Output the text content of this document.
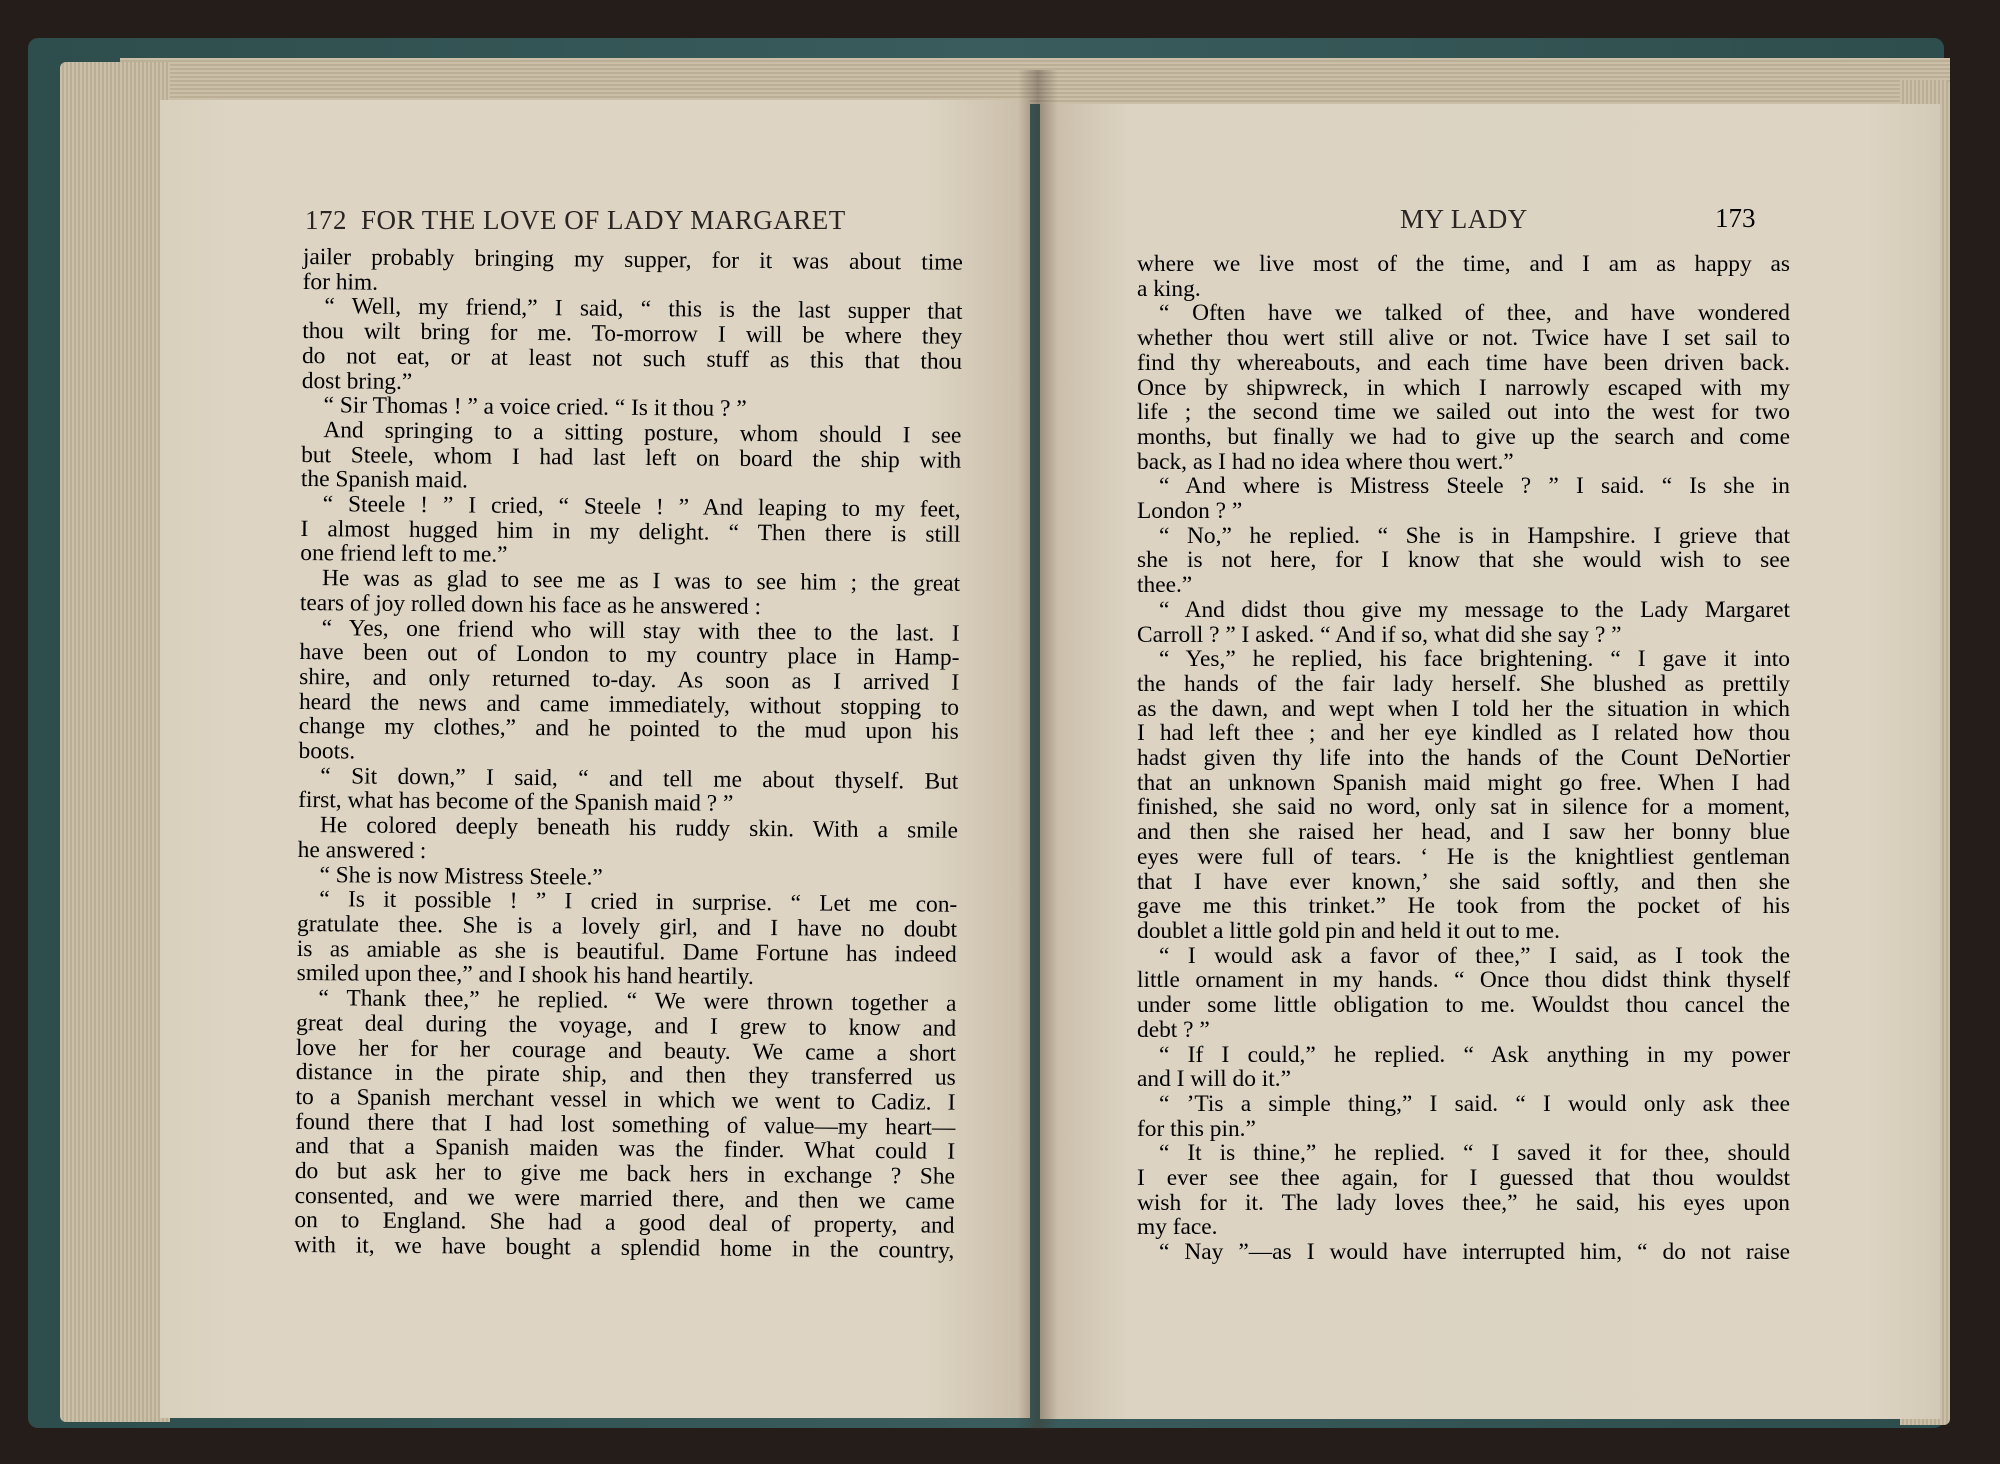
172 FOR THE LOVE OF LADY MARGARET	MY LADY	173

jailer probably bringing my supper, for it was about time

for him.

“ Well, my friend,” I said, “ this is the last supper that

thou wilt bring for me. To-morrow I will be where they

do not eat, or at least not such stuff as this that thou

dost bring.”

“ Sir Thomas ! ” a voice cried. “ Is it thou ? ”

And springing to a sitting posture, whom should I see

but Steele, whom I had last left on board the ship with

the Spanish maid.

“ Steele ! ” I cried, “ Steele ! ” And leaping to my feet,

I almost hugged him in my delight. “ Then there is still

one friend left to me.”

He was as glad to see me as I was to see him ; the great

tears of joy rolled down his face as he answered :

“ Yes, one friend who will stay with thee to the last. I

have been out of London to my country place in Hamp-

shire, and only returned to-day. As soon as I arrived I

heard the news and came immediately, without stopping to

change my clothes,” and he pointed to the mud upon his

boots.

“ Sit down,” I said, “ and tell me about thyself. But

first, what has become of the Spanish maid ? ”

He colored deeply beneath his ruddy skin. With a smile

he answered :

“ She is now Mistress Steele.”

“ Is it possible ! ” I cried in surprise. “ Let me con-

gratulate thee. She is a lovely girl, and I have no doubt

is as amiable as she is beautiful. Dame Fortune has indeed

smiled upon thee,” and I shook his hand heartily.

“ Thank thee,” he replied. “ We were thrown together a

great deal during the voyage, and I grew to know and

love her for her courage and beauty. We came a short

distance in the pirate ship, and then they transferred us

to a Spanish merchant vessel in which we went to Cadiz. I

found there that I had lost something of value—my heart—

and that a Spanish maiden was the finder. What could I

do but ask her to give me back hers in exchange ? She

consented, and we were married there, and then we came

on to England. She had a good deal of property, and

with it, we have bought a splendid home in the country,

where we live most of the time, and I am as happy as

a king.

“ Often have we talked of thee, and have wondered

whether thou wert still alive or not. Twice have I set sail to

find thy whereabouts, and each time have been driven back.

Once by shipwreck, in which I narrowly escaped with my

life ; the second time we sailed out into the west for two

months, but finally we had to give up the search and come

back, as I had no idea where thou wert.”

“ And where is Mistress Steele ? ” I said. “ Is she in

London ? ”

“ No,” he replied. “ She is in Hampshire. I grieve that

she is not here, for I know that she would wish to see

thee.”

“ And didst thou give my message to the Lady Margaret

Carroll ? ” I asked. “ And if so, what did she say ? ”

“ Yes,” he replied, his face brightening. “ I gave it into

the hands of the fair lady herself. She blushed as prettily

as the dawn, and wept when I told her the situation in which

I had left thee ; and her eye kindled as I related how thou

hadst given thy life into the hands of the Count DeNortier

that an unknown Spanish maid might go free. When I had

finished, she said no word, only sat in silence for a moment,

and then she raised her head, and I saw her bonny blue

eyes were full of tears. ‘ He is the knightliest gentleman

that I have ever known,’ she said softly, and then she

gave me this trinket.” He took from the pocket of his

doublet a little gold pin and held it out to me.

“ I would ask a favor of thee,” I said, as I took the

little ornament in my hands. “ Once thou didst think thyself

under some little obligation to me. Wouldst thou cancel the

debt ? ”

“ If I could,” he replied. “ Ask anything in my power

and I will do it.”

“ ’Tis a simple thing,” I said. “ I would only ask thee

for this pin.”

“ It is thine,” he replied. “ I saved it for thee, should

I ever see thee again, for I guessed that thou wouldst

wish for it. The lady loves thee,” he said, his eyes upon

my face.

“ Nay ”—as I would have interrupted him, “ do not raise
